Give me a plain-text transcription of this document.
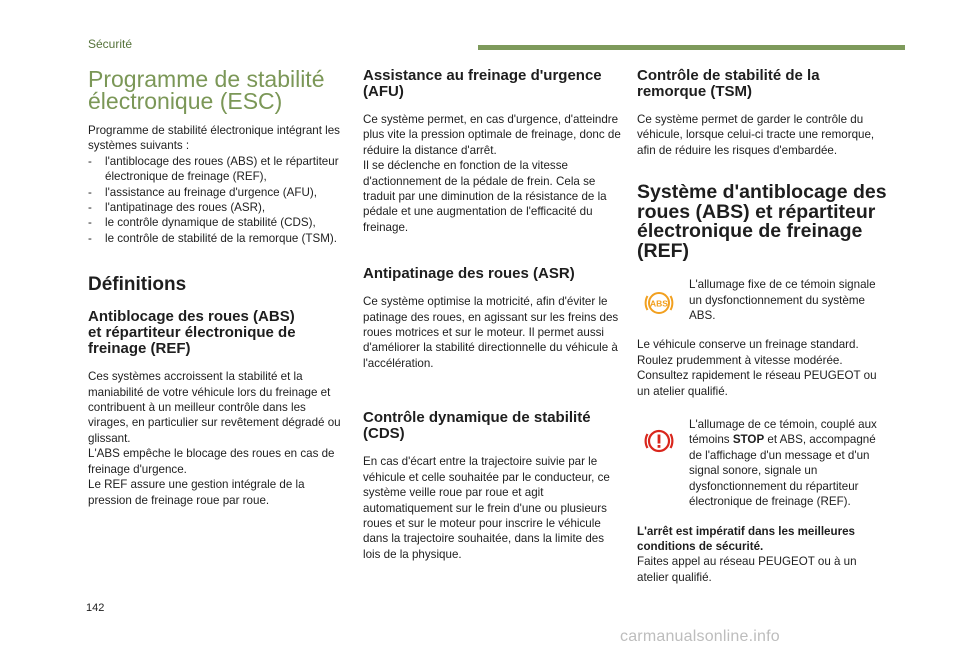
Sécurité
Programme de stabilité
électronique (ESC)

Programme de stabilité électronique intégrant les systèmes suivants :

- l'antiblocage des roues (ABS) et le répartiteur électronique de freinage (REF),
- l'assistance au freinage d'urgence (AFU),
- l'antipatinage des roues (ASR),
- le contrôle dynamique de stabilité (CDS),
- le contrôle de stabilité de la remorque (TSM).
Définitions
Antiblocage des roues (ABS)
et répartiteur électronique de
freinage (REF)

Ces systèmes accroissent la stabilité et la maniabilité de votre véhicule lors du freinage et contribuent à un meilleur contrôle dans les virages, en particulier sur revêtement dégradé ou glissant.

L'ABS empêche le blocage des roues en cas de freinage d'urgence.

Le REF assure une gestion intégrale de la pression de freinage roue par roue.

Assistance au freinage d'urgence
(AFU)

Ce système permet, en cas d'urgence, d'atteindre plus vite la pression optimale de freinage, donc de réduire la distance d'arrêt.

Il se déclenche en fonction de la vitesse d'actionnement de la pédale de frein. Cela se traduit par une diminution de la résistance de la pédale et une augmentation de l'efficacité du freinage.

Antipatinage des roues (ASR)

Ce système optimise la motricité, afin d'éviter le patinage des roues, en agissant sur les freins des roues motrices et sur le moteur. Il permet aussi d'améliorer la stabilité directionnelle du véhicule à l'accélération.

Contrôle dynamique de stabilité
(CDS)

En cas d'écart entre la trajectoire suivie par le véhicule et celle souhaitée par le conducteur, ce système veille roue par roue et agit automatiquement sur le frein d'une ou plusieurs roues et sur le moteur pour inscrire le véhicule dans la trajectoire souhaitée, dans la limite des lois de la physique.

Contrôle de stabilité de la
remorque (TSM)

Ce système permet de garder le contrôle du véhicule, lorsque celui-ci tracte une remorque, afin de réduire les risques d'embardée.

Système d'antiblocage des
roues (ABS) et répartiteur
électronique de freinage
(REF)
ABS

L'allumage fixe de ce témoin signale un dysfonctionnement du système ABS.

Le véhicule conserve un freinage standard. Roulez prudemment à vitesse modérée. Consultez rapidement le réseau PEUGEOT ou un atelier qualifié.

L'allumage de ce témoin, couplé aux témoins STOP et ABS, accompagné de l'affichage d'un message et d'un signal sonore, signale un dysfonctionnement du répartiteur électronique de freinage (REF).

L'arrêt est impératif dans les meilleures conditions de sécurité.

Faites appel au réseau PEUGEOT ou à un atelier qualifié.

142
carmanualsonline.info
